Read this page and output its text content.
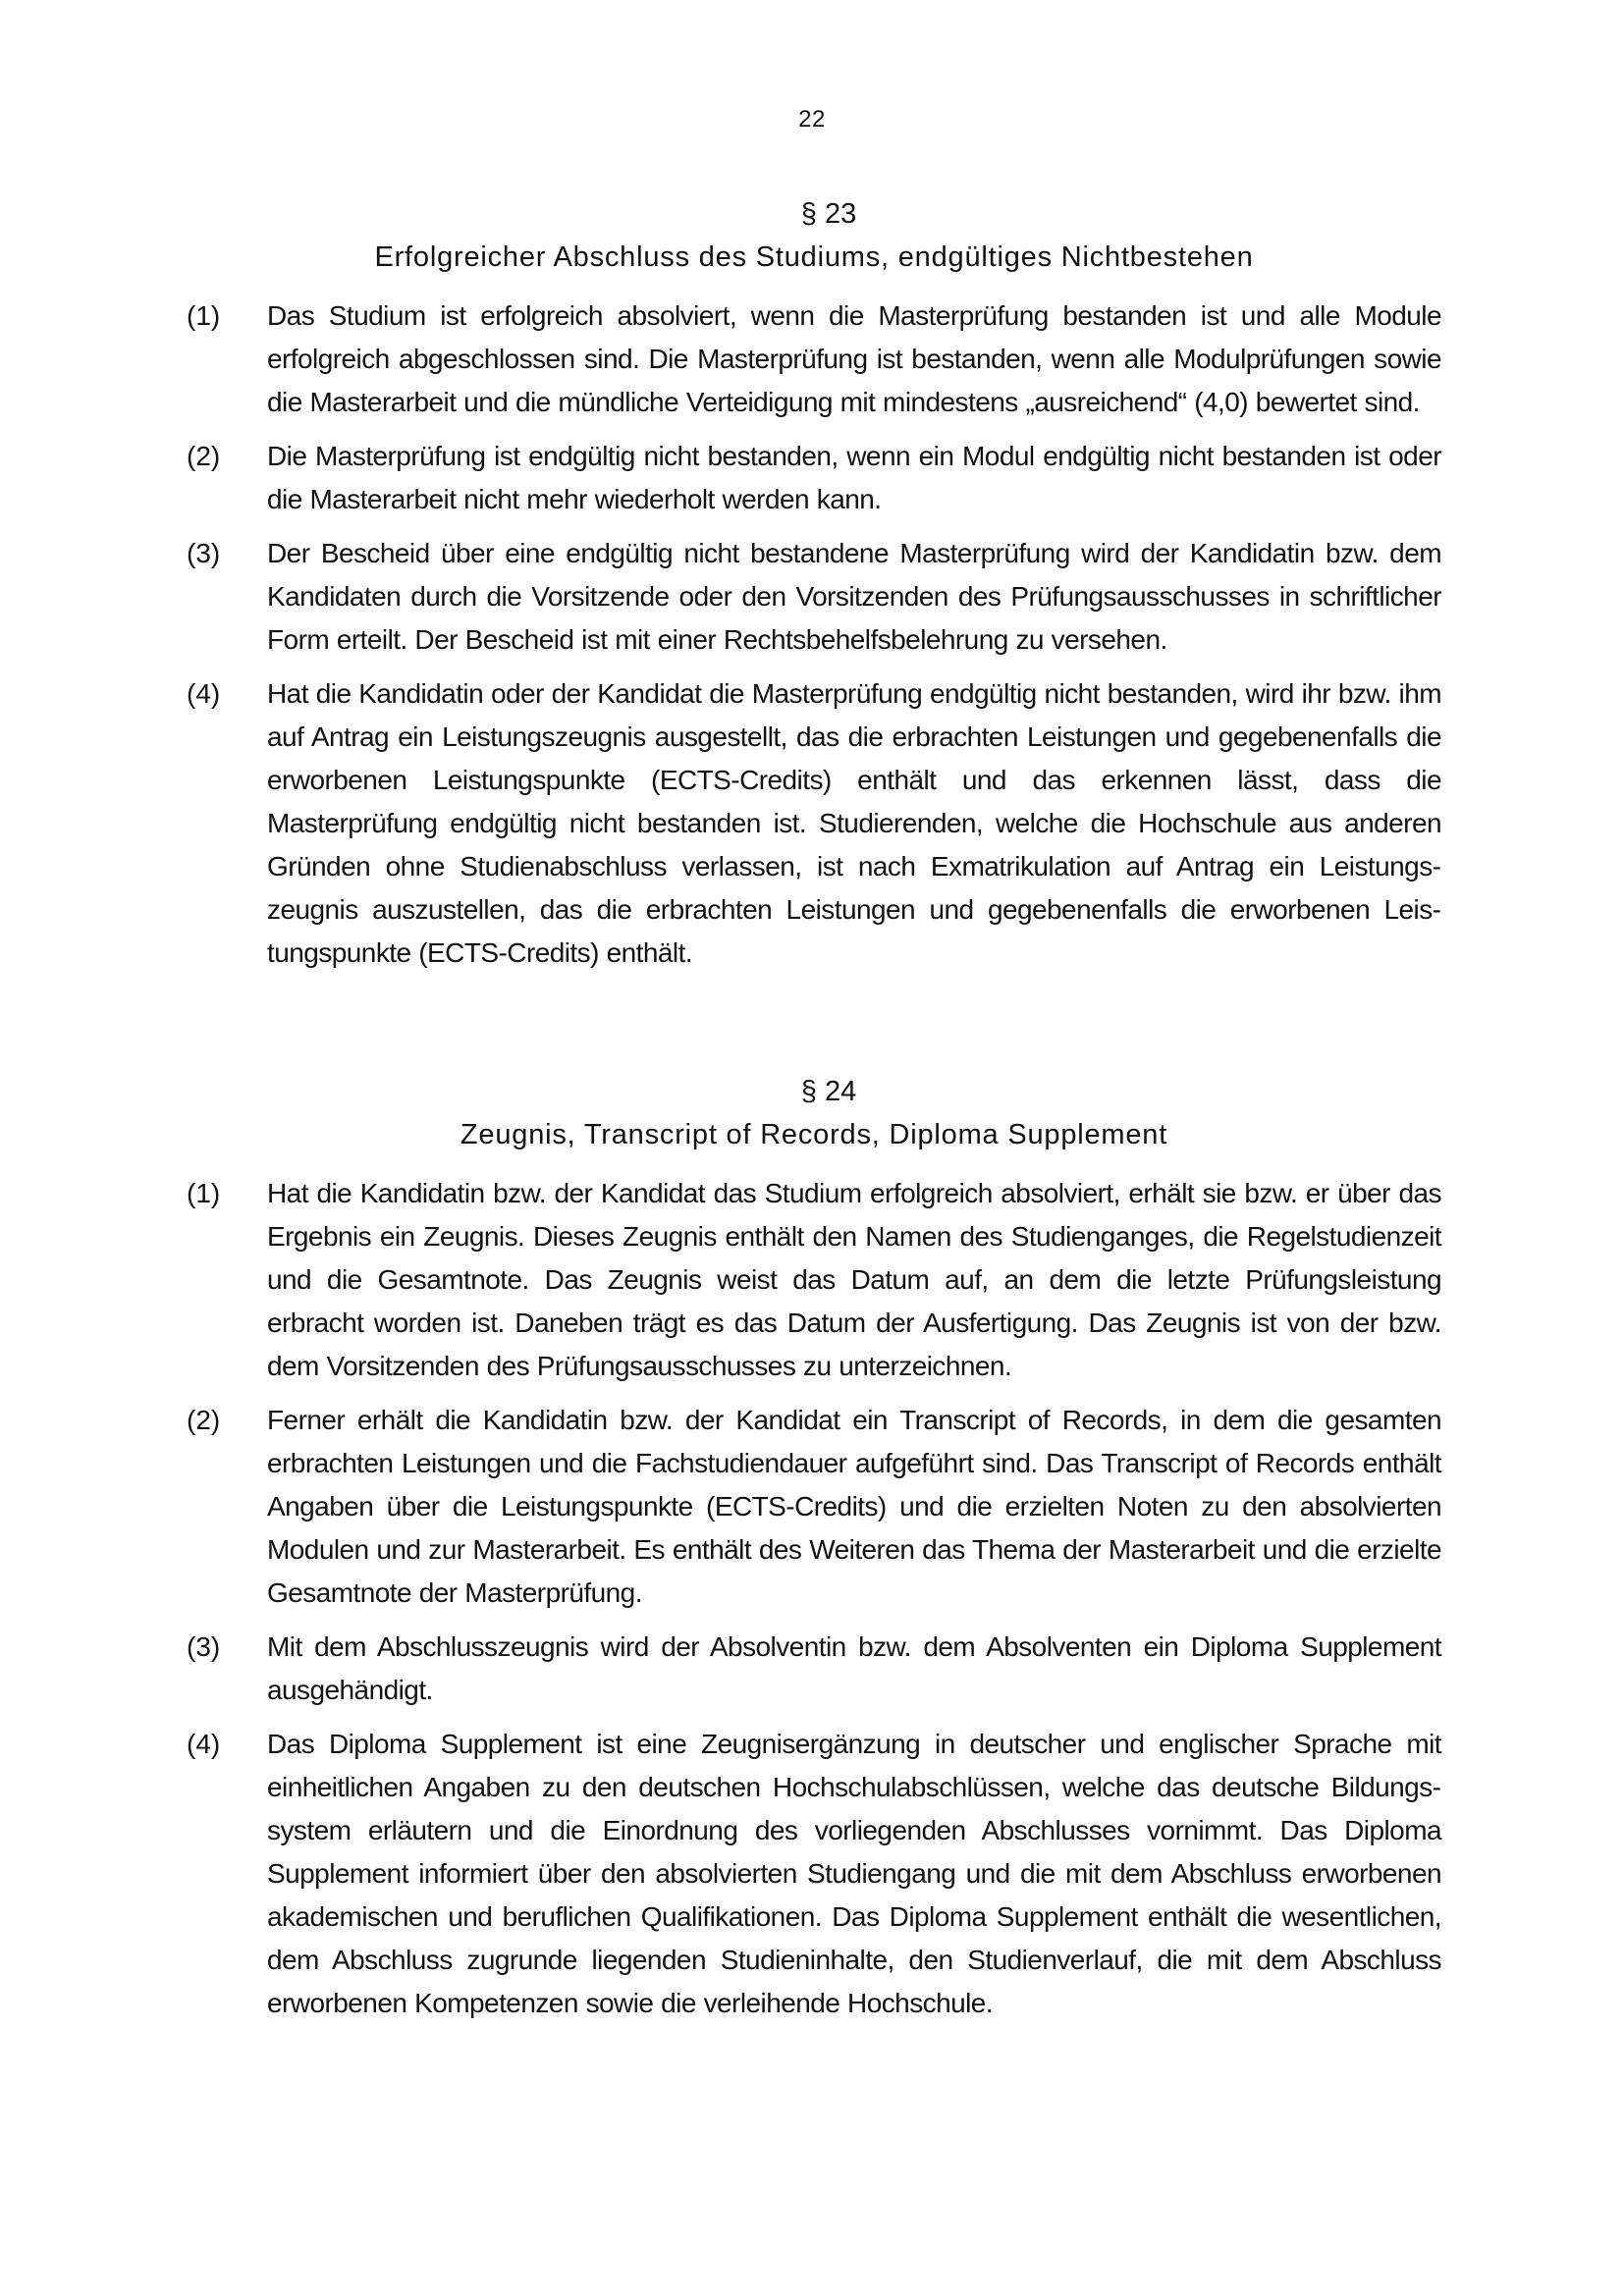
22
§ 23
Erfolgreicher Abschluss des Studiums, endgültiges Nichtbestehen
(1)	Das Studium ist erfolgreich absolviert, wenn die Masterprüfung bestanden ist und alle Module erfolgreich abgeschlossen sind. Die Masterprüfung ist bestanden, wenn alle Modulprüfungen sowie die Masterarbeit und die mündliche Verteidigung mit mindestens „ausreichend“ (4,0) bewertet sind.
(2)	Die Masterprüfung ist endgültig nicht bestanden, wenn ein Modul endgültig nicht bestanden ist oder die Masterarbeit nicht mehr wiederholt werden kann.
(3)	Der Bescheid über eine endgültig nicht bestandene Masterprüfung wird der Kandidatin bzw. dem Kandidaten durch die Vorsitzende oder den Vorsitzenden des Prüfungsausschusses in schriftlicher Form erteilt. Der Bescheid ist mit einer Rechtsbehelfsbelehrung zu versehen.
(4)	Hat die Kandidatin oder der Kandidat die Masterprüfung endgültig nicht bestanden, wird ihr bzw. ihm auf Antrag ein Leistungszeugnis ausgestellt, das die erbrachten Leistungen und gegebenenfalls die erworbenen Leistungspunkte (ECTS-Credits) enthält und das erkennen lässt, dass die Masterprüfung endgültig nicht bestanden ist. Studierenden, welche die Hochschule aus anderen Gründen ohne Studienabschluss verlassen, ist nach Exmatrikulation auf Antrag ein Leistungszeugnis auszustellen, das die erbrachten Leistungen und gegebenenfalls die erworbenen Leistungspunkte (ECTS-Credits) enthält.
§ 24
Zeugnis, Transcript of Records, Diploma Supplement
(1)	Hat die Kandidatin bzw. der Kandidat das Studium erfolgreich absolviert, erhält sie bzw. er über das Ergebnis ein Zeugnis. Dieses Zeugnis enthält den Namen des Studienganges, die Regelstudienzeit und die Gesamtnote. Das Zeugnis weist das Datum auf, an dem die letzte Prüfungsleistung erbracht worden ist. Daneben trägt es das Datum der Ausfertigung. Das Zeugnis ist von der bzw. dem Vorsitzenden des Prüfungsausschusses zu unterzeichnen.
(2)	Ferner erhält die Kandidatin bzw. der Kandidat ein Transcript of Records, in dem die gesamten erbrachten Leistungen und die Fachstudiendauer aufgeführt sind. Das Transcript of Records enthält Angaben über die Leistungspunkte (ECTS-Credits) und die erzielten Noten zu den absolvierten Modulen und zur Masterarbeit. Es enthält des Weiteren das Thema der Masterarbeit und die erzielte Gesamtnote der Masterprüfung.
(3)	Mit dem Abschlusszeugnis wird der Absolventin bzw. dem Absolventen ein Diploma Supplement ausgehändigt.
(4)	Das Diploma Supplement ist eine Zeugnisergänzung in deutscher und englischer Sprache mit einheitlichen Angaben zu den deutschen Hochschulabschlüssen, welche das deutsche Bildungssystem erläutern und die Einordnung des vorliegenden Abschlusses vornimmt. Das Diploma Supplement informiert über den absolvierten Studiengang und die mit dem Abschluss erworbenen akademischen und beruflichen Qualifikationen. Das Diploma Supplement enthält die wesentlichen, dem Abschluss zugrunde liegenden Studieninhalte, den Studienverlauf, die mit dem Abschluss erworbenen Kompetenzen sowie die verleihende Hochschule.
